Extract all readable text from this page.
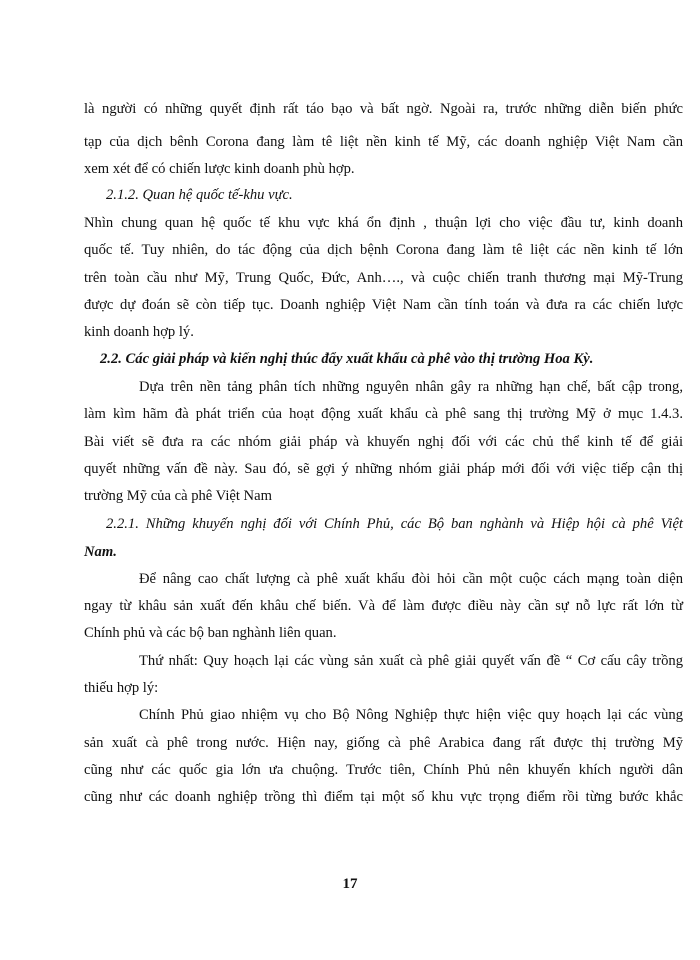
là người có những quyết định rất táo bạo và bất ngờ. Ngoài ra, trước những diễn biến phức
tạp của dịch bênh Corona đang làm tê liệt nền kinh tế Mỹ, các doanh nghiệp Việt Nam cần
xem xét để có chiến lược kinh doanh phù hợp.
2.1.2. Quan hệ quốc tế-khu vực.
Nhìn chung quan hệ quốc tế khu vực khá ổn định , thuận lợi cho việc đầu tư, kinh doanh
quốc tế. Tuy nhiên, do tác động của dịch bệnh Corona đang làm tê liệt các nền kinh tế lớn
trên toàn cầu như Mỹ, Trung Quốc, Đức, Anh…., và cuộc chiến tranh thương mại Mỹ-Trung
được dự đoán sẽ còn tiếp tục. Doanh nghiệp Việt Nam cần tính toán và đưa ra các chiến lược
kinh doanh hợp lý.
2.2. Các giải pháp và kiến nghị thúc đẩy xuất khẩu cà phê vào thị trường Hoa Kỳ.
Dựa trên nền tảng phân tích những nguyên nhân gây ra những hạn chế, bất cập trong,
làm kìm hãm đà phát triển của hoạt động xuất khẩu cà phê sang thị trường Mỹ ở mục 1.4.3.
Bài viết sẽ đưa ra các nhóm giải pháp và khuyến nghị đối với các chủ thể kinh tế để giải
quyết những vấn đề này. Sau đó, sẽ gợi ý những nhóm giải pháp mới đối với việc tiếp cận thị
trường Mỹ của cà phê Việt Nam
2.2.1. Những khuyến nghị đối với Chính Phủ, các Bộ ban nghành và Hiệp hội cà phê Việt
Nam.
Để nâng cao chất lượng cà phê xuất khẩu đòi hỏi cần một cuộc cách mạng toàn diện
ngay từ khâu sản xuất đến khâu chế biến. Và để làm được điều này cần sự nỗ lực rất lớn từ
Chính phủ và các bộ ban nghành liên quan.
Thứ nhất: Quy hoạch lại các vùng sản xuất cà phê giải quyết vấn đề “ Cơ cấu cây trồng
thiếu hợp lý:
Chính Phủ giao nhiệm vụ cho Bộ Nông Nghiệp thực hiện việc quy hoạch lại các vùng
sản xuất cà phê trong nước. Hiện nay, giống cà phê Arabica đang rất được thị trường Mỹ
cũng như các quốc gia lớn ưa chuộng. Trước tiên, Chính Phủ nên khuyến khích người dân
cũng như các doanh nghiệp trồng thì điểm tại một số khu vực trọng điểm rồi từng bước khắc
17
